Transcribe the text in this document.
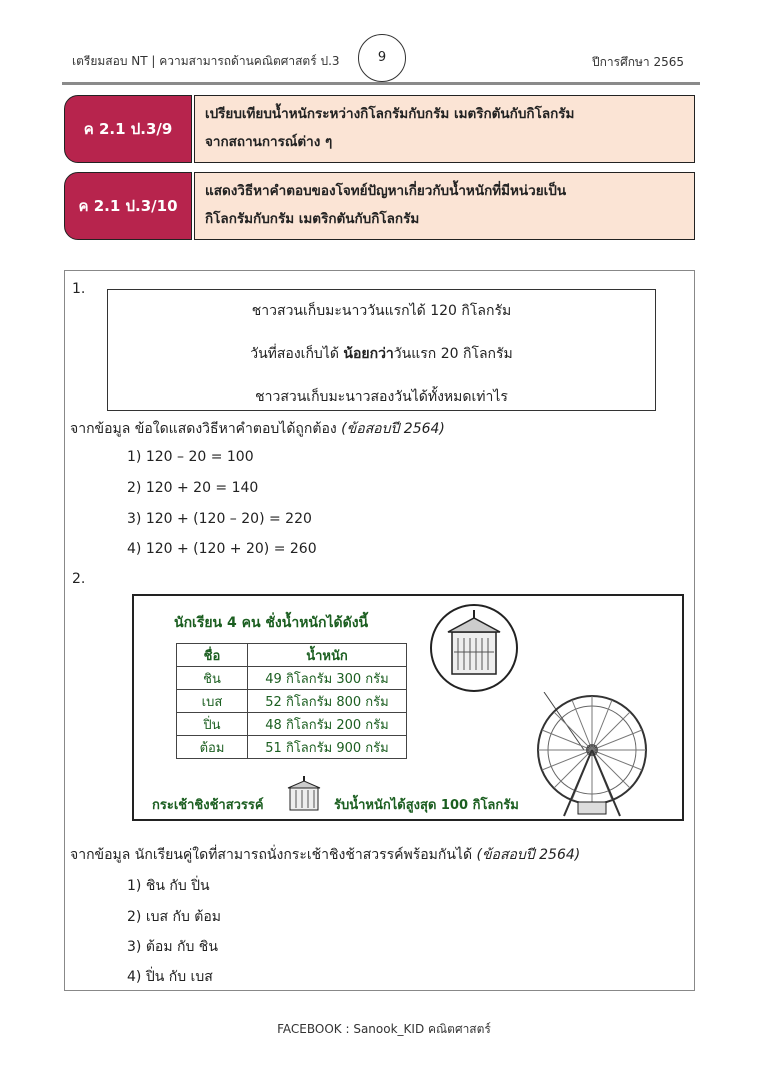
เตรียมสอบ NT | ความสามารถด้านคณิตศาสตร์ ป.3	9	ปีการศึกษา 2565
ค 2.1 ป.3/9
เปรียบเทียบน้ำหนักระหว่างกิโลกรัมกับกรัม เมตริกตันกับกิโลกรัม
จากสถานการณ์ต่าง ๆ
ค 2.1 ป.3/10
แสดงวิธีหาคำตอบของโจทย์ปัญหาเกี่ยวกับน้ำหนักที่มีหน่วยเป็น
กิโลกรัมกับกรัม เมตริกตันกับกิโลกรัม
1.
ชาวสวนเก็บมะนาววันแรกได้ 120 กิโลกรัม
วันที่สองเก็บได้ น้อยกว่าวันแรก 20 กิโลกรัม
ชาวสวนเก็บมะนาวสองวันได้ทั้งหมดเท่าไร
จากข้อมูล ข้อใดแสดงวิธีหาคำตอบได้ถูกต้อง (ข้อสอบปี 2564)
1) 120 – 20 = 100
2) 120 + 20 = 140
3) 120 + (120 – 20) = 220
4) 120 + (120 + 20) = 260
2.
นักเรียน 4 คน ชั่งน้ำหนักได้ดังนี้
ชื่อ	น้ำหนัก
ชิน	49 กิโลกรัม 300 กรัม
เบส	52 กิโลกรัม 800 กรัม
ปิ่น	48 กิโลกรัม 200 กรัม
ต้อม	51 กิโลกรัม 900 กรัม
กระเช้าชิงช้าสวรรค์	รับน้ำหนักได้สูงสุด 100 กิโลกรัม
จากข้อมูล นักเรียนคู่ใดที่สามารถนั่งกระเช้าชิงช้าสวรรค์พร้อมกันได้ (ข้อสอบปี 2564)
1) ชิน กับ ปิ่น
2) เบส กับ ต้อม
3) ต้อม กับ ชิน
4) ปิ่น กับ เบส
FACEBOOK : Sanook_KID คณิตศาสตร์
